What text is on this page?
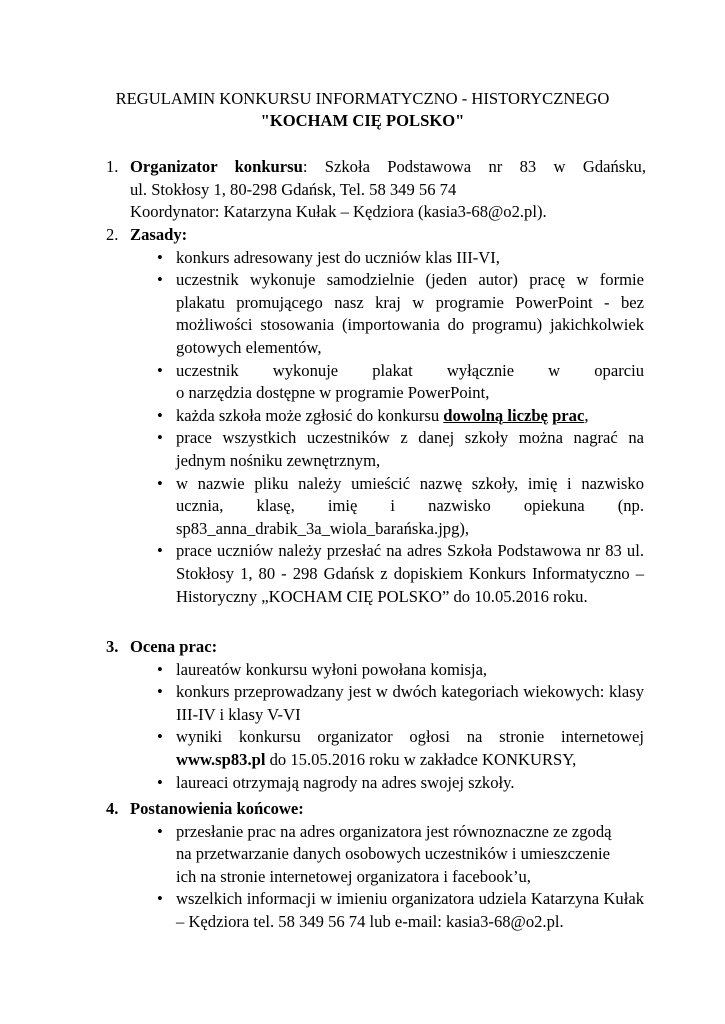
REGULAMIN KONKURSU INFORMATYCZNO - HISTORYCZNEGO
"KOCHAM CIĘ POLSKO"
1. Organizator konkursu: Szkoła Podstawowa nr 83 w Gdańsku,
ul. Stokłosy 1, 80-298 Gdańsk, Tel. 58 349 56 74
Koordynator: Katarzyna Kułak – Kędziora (kasia3-68@o2.pl).
2. Zasady:
• konkurs adresowany jest do uczniów klas III-VI,
• uczestnik wykonuje samodzielnie (jeden autor) pracę w formie plakatu promującego nasz kraj w programie PowerPoint - bez możliwości stosowania (importowania do programu) jakichkolwiek gotowych elementów,
• uczestnik wykonuje plakat wyłącznie w oparciu
o narzędzia dostępne w programie PowerPoint,
• każda szkoła może zgłosić do konkursu dowolną liczbę prac,
• prace wszystkich uczestników z danej szkoły można nagrać na jednym nośniku zewnętrznym,
• w nazwie pliku należy umieścić nazwę szkoły, imię i nazwisko ucznia, klasę, imię i nazwisko opiekuna (np. sp83_anna_drabik_3a_wiola_barańska.jpg),
• prace uczniów należy przesłać na adres Szkoła Podstawowa nr 83 ul. Stokłosy 1, 80 - 298 Gdańsk z dopiskiem Konkurs Informatyczno – Historyczny „KOCHAM CIĘ POLSKO” do 10.05.2016 roku.
3. Ocena prac:
• laureatów konkursu wyłoni powołana komisja,
• konkurs przeprowadzany jest w dwóch kategoriach wiekowych: klasy III-IV i klasy V-VI
• wyniki konkursu organizator ogłosi na stronie internetowej www.sp83.pl do 15.05.2016 roku w zakładce KONKURSY,
• laureaci otrzymają nagrody na adres swojej szkoły.
4. Postanowienia końcowe:
• przesłanie prac na adres organizatora jest równoznaczne ze zgodą
na przetwarzanie danych osobowych uczestników i umieszczenie
ich na stronie internetowej organizatora i facebook’u,
• wszelkich informacji w imieniu organizatora udziela Katarzyna Kułak – Kędziora tel. 58 349 56 74 lub e-mail: kasia3-68@o2.pl.
